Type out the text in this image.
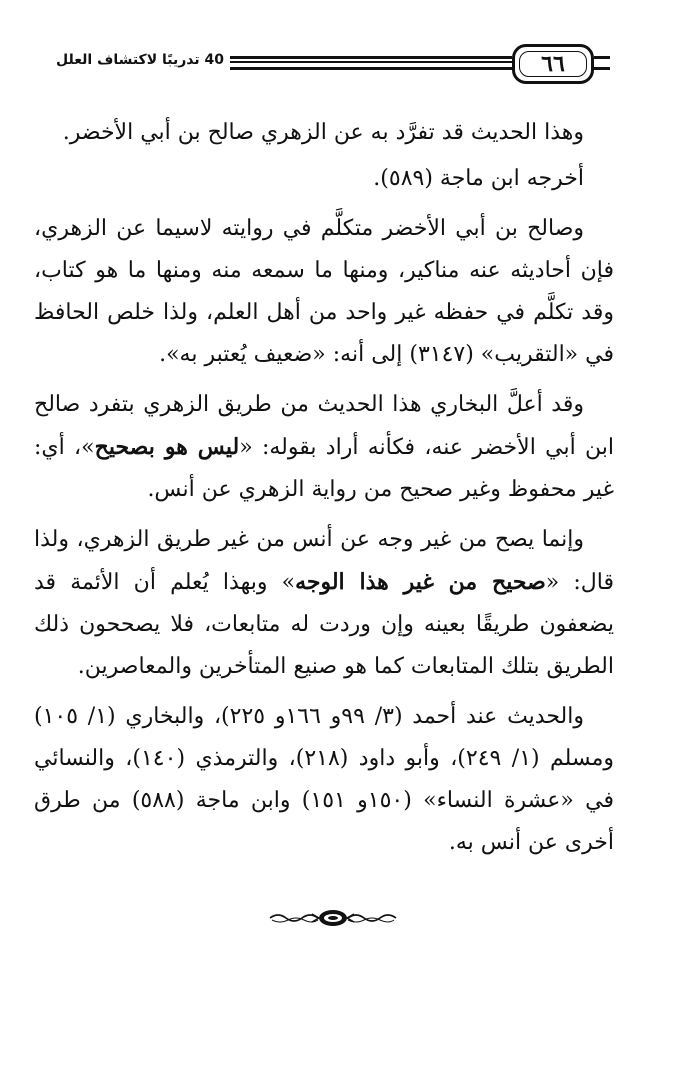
40 تدريبًا لاكتشاف العلل	٦٦

وهذا الحديث قد تفرَّد به عن الزهري صالح بن أبي الأخضر.

أخرجه ابن ماجة (٥٨٩).

وصالح بن أبي الأخضر متكلَّم في روايته لاسيما عن الزهري، فإن أحاديثه عنه مناكير، ومنها ما سمعه منه ومنها ما هو كتاب، وقد تكلَّم في حفظه غير واحد من أهل العلم، ولذا خلص الحافظ في «التقريب» (٣١٤٧) إلى أنه: «ضعيف يُعتبر به».

وقد أعلَّ البخاري هذا الحديث من طريق الزهري بتفرد صالح ابن أبي الأخضر عنه، فكأنه أراد بقوله: «ليس هو بصحيح»، أي: غير محفوظ وغير صحيح من رواية الزهري عن أنس.

وإنما يصح من غير وجه عن أنس من غير طريق الزهري، ولذا قال: «صحيح من غير هذا الوجه» وبهذا يُعلم أن الأئمة قد يضعفون طريقًا بعينه وإن وردت له متابعات، فلا يصححون ذلك الطريق بتلك المتابعات كما هو صنيع المتأخرين والمعاصرين.

والحديث عند أحمد (٣/ ٩٩و ١٦٦و ٢٢٥)، والبخاري (١/ ١٠٥) ومسلم (١/ ٢٤٩)، وأبو داود (٢١٨)، والترمذي (١٤٠)، والنسائي في «عشرة النساء» (١٥٠و ١٥١) وابن ماجة (٥٨٨) من طرق أخرى عن أنس به.
